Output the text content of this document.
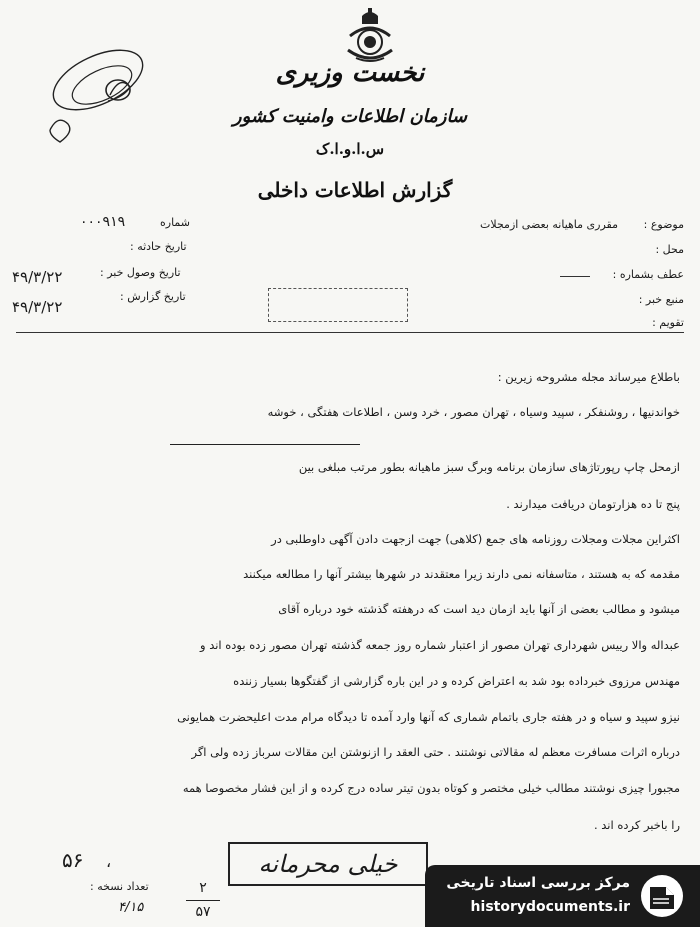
نخست وزیری
سازمان اطلاعات وامنیت کشور
س.ا.و.ا.ک
گزارش اطلاعات داخلی
موضوع :
مقرری ماهیانه بعضی ازمجلات
محل :
عطف بشماره :
منبع خبر :
تقویم :
شماره
۰۰۰۹۱۹
تاریخ حادثه :
تاریخ وصول خبر :
۴۹/۳/۲۲
تاریخ گزارش :
۴۹/۳/۲۲
باطلاع میرساند مجله مشروحه زیرین :
خواندنیها ، روشنفکر ، سپید وسیاه ، تهران مصور ، خرد وسن ، اطلاعات هفتگی ، خوشه
ازمحل چاپ رپورتاژهای سازمان برنامه وبرگ سبز ماهیانه بطور مرتب مبلغی بین
پنج تا ده هزارتومان دریافت میدارند .
اکثراین مجلات ومجلات روزنامه های جمع (کلاهی) جهت ازجهت دادن آگهی داوطلبی در
مقدمه که به هستند ، متاسفانه نمی دارند زیرا معتقدند در شهرها بیشتر آنها را مطالعه میکنند
میشود و مطالب بعضی از آنها باید ازمان دید است که درهفته گذشته خود درباره آقای
عبداله والا رییس شهرداری تهران مصور از اعتبار شماره روز جمعه گذشته تهران مصور زده بوده اند و
مهندس مرزوی خبرداده بود شد به اعتراض کرده و در این باره گزارشی از گفتگوها بسیار زننده
نیزو سپید و سیاه و در هفته جاری باتمام شماری که آنها وارد آمده تا دیدگاه مرام مدت اعلیحضرت همایونی
درباره اثرات مسافرت معظم له مقالاتی نوشتند . حتی العقد را ازنوشتن این مقالات سرباز زده ولی اگر
مجبورا چیزی نوشتند مطالب خیلی مختصر و کوتاه بدون تیتر ساده درج کرده و از این فشار مخصوصا همه
را باخبر کرده اند .
۵۶ ،	خیلی محرمانه
تعداد نسخه :	۲
۵۷
۴/۱۵
مرکز بررسی اسناد تاریخی
historydocuments.ir
